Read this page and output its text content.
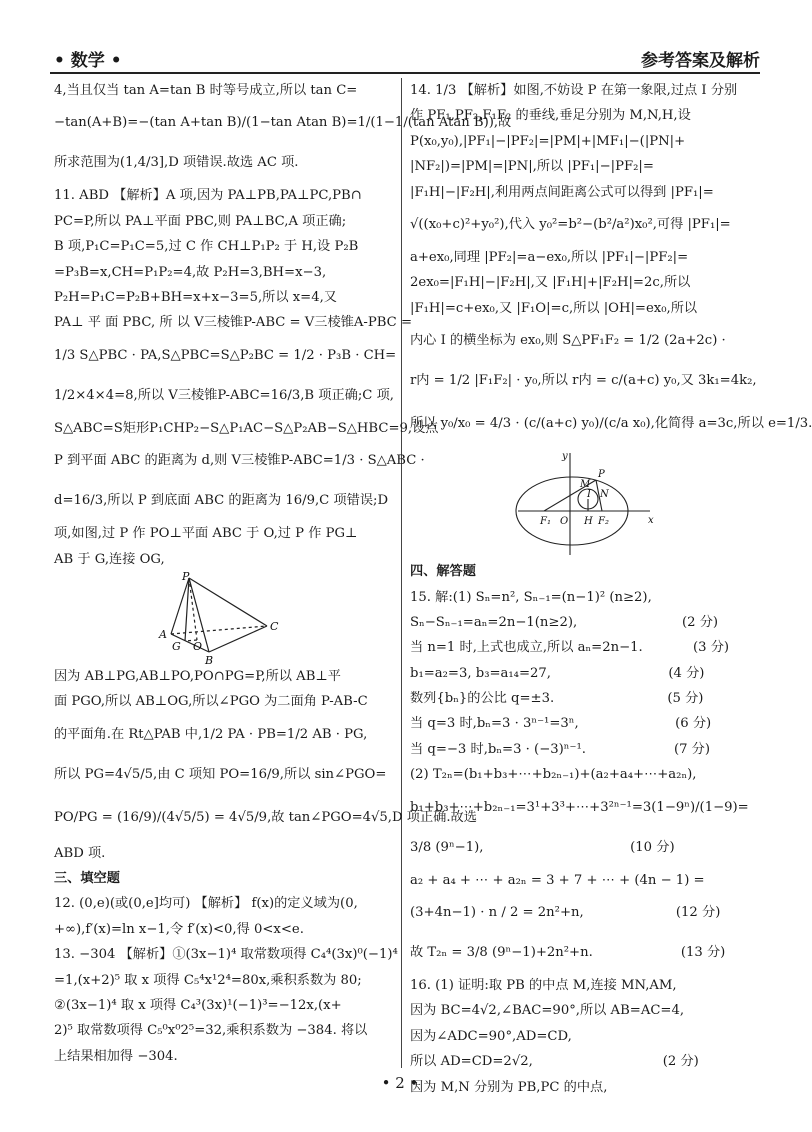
• 数学 •	参考答案及解析
4,当且仅当 tan A=tan B 时等号成立,所以 tan C=
−tan(A+B)=−(tan A+tan B)/(1−tan Atan B)=1/(1−1/(tan Atan B)),故
所求范围为(1,4/3],D 项错误.故选 AC 项.
11. ABD 【解析】A 项,因为 PA⊥PB,PA⊥PC,PB∩
PC=P,所以 PA⊥平面 PBC,则 PA⊥BC,A 项正确;
B 项,P₁C=P₁C=5,过 C 作 CH⊥P₁P₂ 于 H,设 P₂B
=P₃B=x,CH=P₁P₂=4,故 P₂H=3,BH=x−3,
P₂H=P₁C=P₂B+BH=x+x−3=5,所以 x=4,又
PA⊥ 平 面 PBC, 所 以 V三棱锥P-ABC = V三棱锥A-PBC =
1/3 S△PBC · PA,S△PBC=S△P₂BC = 1/2 · P₃B · CH=
1/2×4×4=8,所以 V三棱锥P-ABC=16/3,B 项正确;C 项,
S△ABC=S矩形P₁CHP₂−S△P₁AC−S△P₂AB−S△HBC=9,设点
P 到平面 ABC 的距离为 d,则 V三棱锥P-ABC=1/3 · S△ABC ·
d=16/3,所以 P 到底面 ABC 的距离为 16/9,C 项错误;D
项,如图,过 P 作 PO⊥平面 ABC 于 O,过 P 作 PG⊥
AB 于 G,连接 OG,
P
A
G O
C
B
因为 AB⊥PG,AB⊥PO,PO∩PG=P,所以 AB⊥平
面 PGO,所以 AB⊥OG,所以∠PGO 为二面角 P-AB-C
的平面角.在 Rt△PAB 中,1/2 PA · PB=1/2 AB · PG,
所以 PG=4√5/5,由 C 项知 PO=16/9,所以 sin∠PGO=
PO/PG = (16/9)/(4√5/5) = 4√5/9,故 tan∠PGO=4√5,D 项正确.故选
ABD 项.
三、填空题
12. (0,e)(或(0,e]均可) 【解析】 f(x)的定义域为(0,
+∞),f′(x)=ln x−1,令 f′(x)<0,得 0<x<e.
13. −304 【解析】①(3x−1)⁴ 取常数项得 C₄⁴(3x)⁰(−1)⁴
=1,(x+2)⁵ 取 x 项得 C₅⁴x¹2⁴=80x,乘积系数为 80;
②(3x−1)⁴ 取 x 项得 C₄³(3x)¹(−1)³=−12x,(x+
2)⁵ 取常数项得 C₅⁰x⁰2⁵=32,乘积系数为 −384. 将以
上结果相加得 −304.
14. 1/3 【解析】如图,不妨设 P 在第一象限,过点 I 分别
作 PF₁,PF₂,F₁F₂ 的垂线,垂足分别为 M,N,H,设
P(x₀,y₀),|PF₁|−|PF₂|=|PM|+|MF₁|−(|PN|+
|NF₂|)=|PM|=|PN|,所以 |PF₁|−|PF₂|=
|F₁H|−|F₂H|,利用两点间距离公式可以得到 |PF₁|=
√((x₀+c)²+y₀²),代入 y₀²=b²−(b²/a²)x₀²,可得 |PF₁|=
a+ex₀,同理 |PF₂|=a−ex₀,所以 |PF₁|−|PF₂|=
2ex₀=|F₁H|−|F₂H|,又 |F₁H|+|F₂H|=2c,所以
|F₁H|=c+ex₀,又 |F₁O|=c,所以 |OH|=ex₀,所以
内心 I 的横坐标为 ex₀,则 S△PF₁F₂ = 1/2 (2a+2c) ·
r内 = 1/2 |F₁F₂| · y₀,所以 r内 = c/(a+c) y₀,又 3k₁=4k₂,
所以 y₀/x₀ = 4/3 · (c/(a+c) y₀)/(c/a x₀),化简得 a=3c,所以 e=1/3.
y
P
M
I N
F₁ O H F₂	x
四、解答题
15. 解:(1) Sₙ=n², Sₙ₋₁=(n−1)² (n≥2),
Sₙ−Sₙ₋₁=aₙ=2n−1(n≥2),                         (2 分)
当 n=1 时,上式也成立,所以 aₙ=2n−1.            (3 分)
b₁=a₂=3, b₃=a₁₄=27,                            (4 分)
数列{bₙ}的公比 q=±3.                           (5 分)
当 q=3 时,bₙ=3 · 3ⁿ⁻¹=3ⁿ,                       (6 分)
当 q=−3 时,bₙ=3 · (−3)ⁿ⁻¹.                     (7 分)
(2) T₂ₙ=(b₁+b₃+⋯+b₂ₙ₋₁)+(a₂+a₄+⋯+a₂ₙ),
b₁+b₃+⋯+b₂ₙ₋₁=3¹+3³+⋯+3²ⁿ⁻¹=3(1−9ⁿ)/(1−9)=
3/8 (9ⁿ−1),                                   (10 分)
a₂ + a₄ + ⋯ + a₂ₙ = 3 + 7 + ⋯ + (4n − 1) =
(3+4n−1) · n / 2 = 2n²+n,                      (12 分)
故 T₂ₙ = 3/8 (9ⁿ−1)+2n²+n.                     (13 分)
16. (1) 证明:取 PB 的中点 M,连接 MN,AM,
因为 BC=4√2,∠BAC=90°,所以 AB=AC=4,
因为∠ADC=90°,AD=CD,
所以 AD=CD=2√2,                               (2 分)
因为 M,N 分别为 PB,PC 的中点,
• 2 •
